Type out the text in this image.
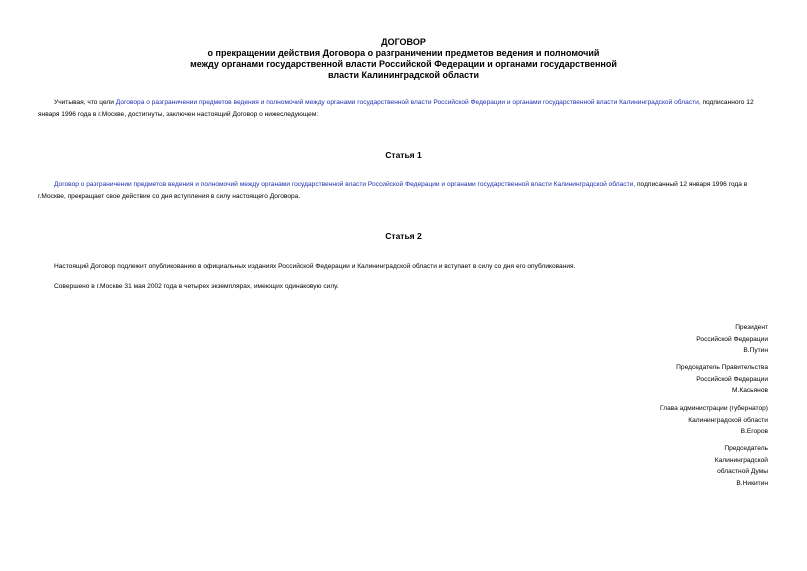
ДОГОВОР
о прекращении действия Договора о разграничении предметов ведения и полномочий
между органами государственной власти Российской Федерации и органами государственной
власти Калининградской области
Учитывая, что цели Договора о разграничении предметов ведения и полномочий между органами государственной власти Российской Федерации и органами государственной власти Калининградской области, подписанного 12 января 1996 года в г.Москве, достигнуты, заключен настоящий Договор о нижеследующем:
Статья 1
Договор о разграничении предметов ведения и полномочий между органами государственной власти Российской Федерации и органами государственной власти Калининградской области, подписанный 12 января 1996 года в г.Москве, прекращает свое действие со дня вступления в силу настоящего Договора.
Статья 2
Настоящий Договор подлежит опубликованию в официальных изданиях Российской Федерации и Калининградской области и вступает в силу со дня его опубликования.
Совершено в г.Москве 31 мая 2002 года в четырех экземплярах, имеющих одинаковую силу.
Президент
Российской Федерации
В.Путин
Председатель Правительства
Российской Федерации
М.Касьянов
Глава администрации (губернатор)
Калининградской области
В.Егоров
Председатель
Калининградской
областной Думы
В.Никитин
